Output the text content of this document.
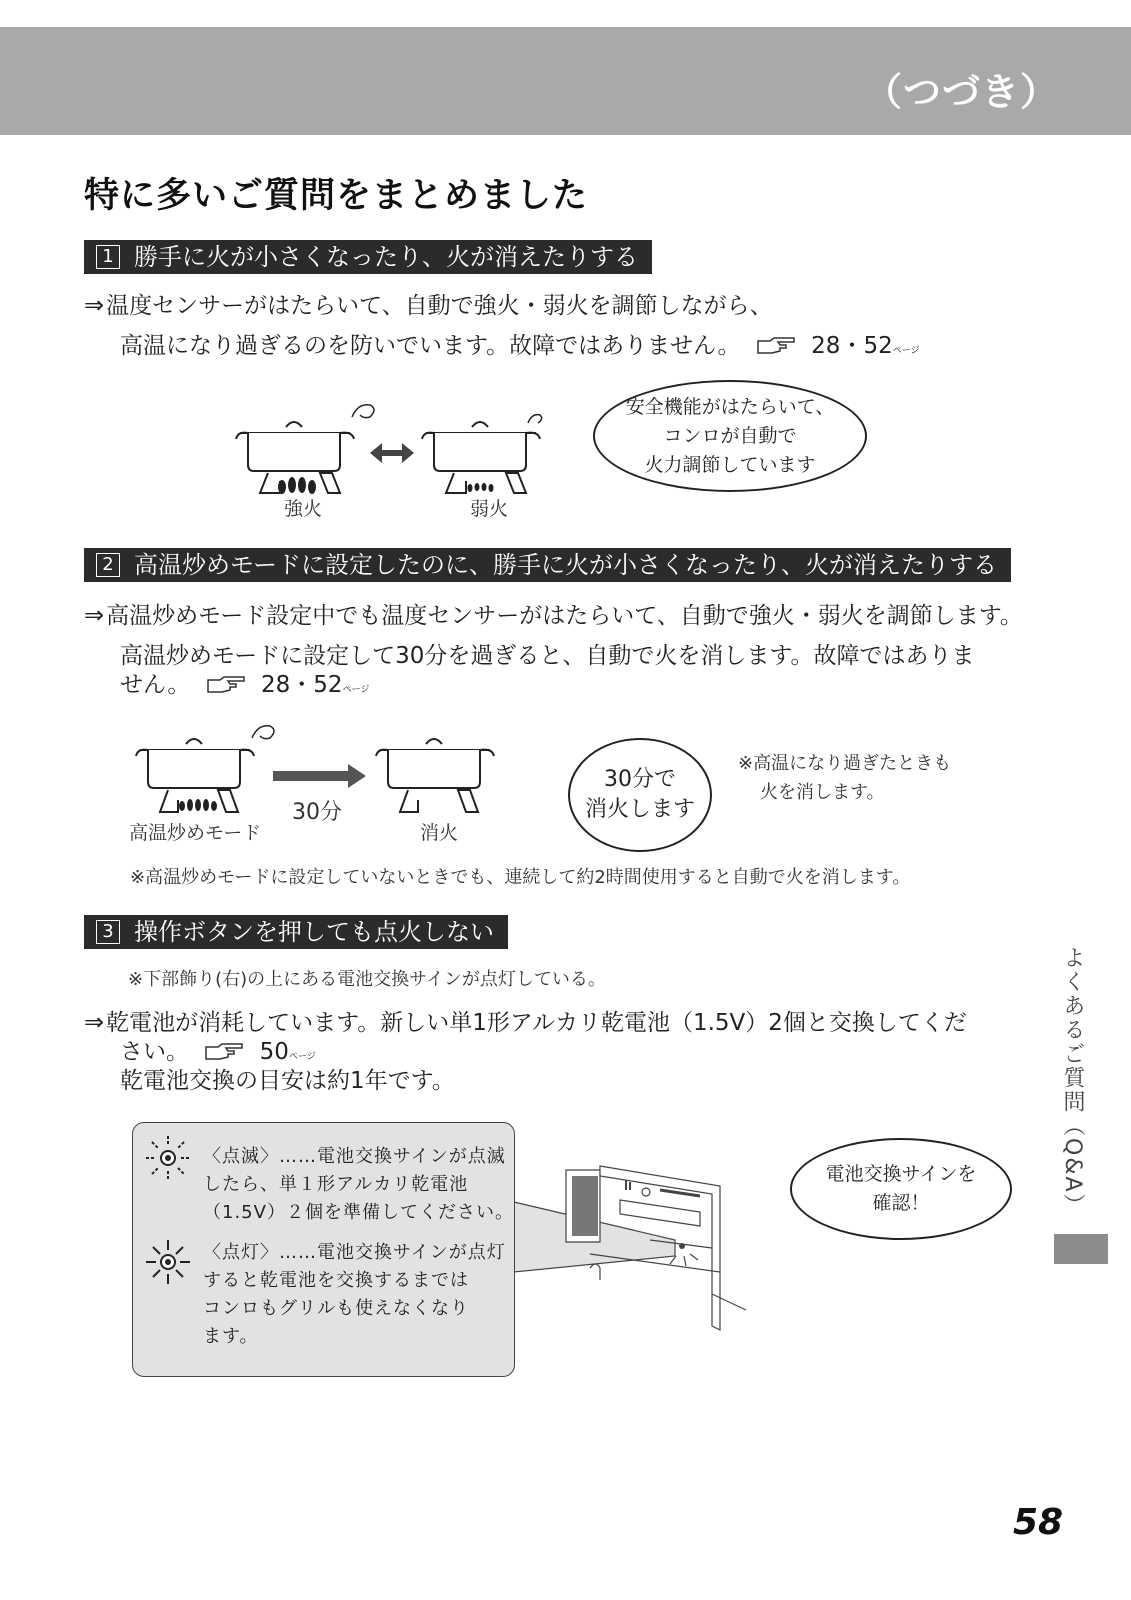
（つづき）
特に多いご質問をまとめました
1 勝手に火が小さくなったり、火が消えたりする
⇒温度センサーがはたらいて、自動で強火・弱火を調節しながら、
高温になり過ぎるのを防いでいます。故障ではありません。	28・52ページ
強火	弱火
安全機能がはたらいて、
コンロが自動で
火力調節しています
2 高温炒めモードに設定したのに、勝手に火が小さくなったり、火が消えたりする
⇒高温炒めモード設定中でも温度センサーがはたらいて、自動で強火・弱火を調節します。
高温炒めモードに設定して30分を過ぎると、自動で火を消します。故障ではありま
せん。	28・52ページ
高温炒めモード
30分
消火
30分で
消火します
※高温になり過ぎたときも
火を消します。
※高温炒めモードに設定していないときでも、連続して約2時間使用すると自動で火を消します。
3 操作ボタンを押しても点火しない
※下部飾り(右)の上にある電池交換サインが点灯している。
⇒乾電池が消耗しています。新しい単1形アルカリ乾電池（1.5V）2個と交換してくだ
さい。	50ページ
乾電池交換の目安は約1年です。
〈点滅〉……電池交換サインが点滅
したら、単１形アルカリ乾電池
（1.5V）２個を準備してください。
〈点灯〉……電池交換サインが点灯
すると乾電池を交換するまでは
コンロもグリルも使えなくなり
ます。
電池交換サインを
確認！	よくあるご質問（Q&A）
58
